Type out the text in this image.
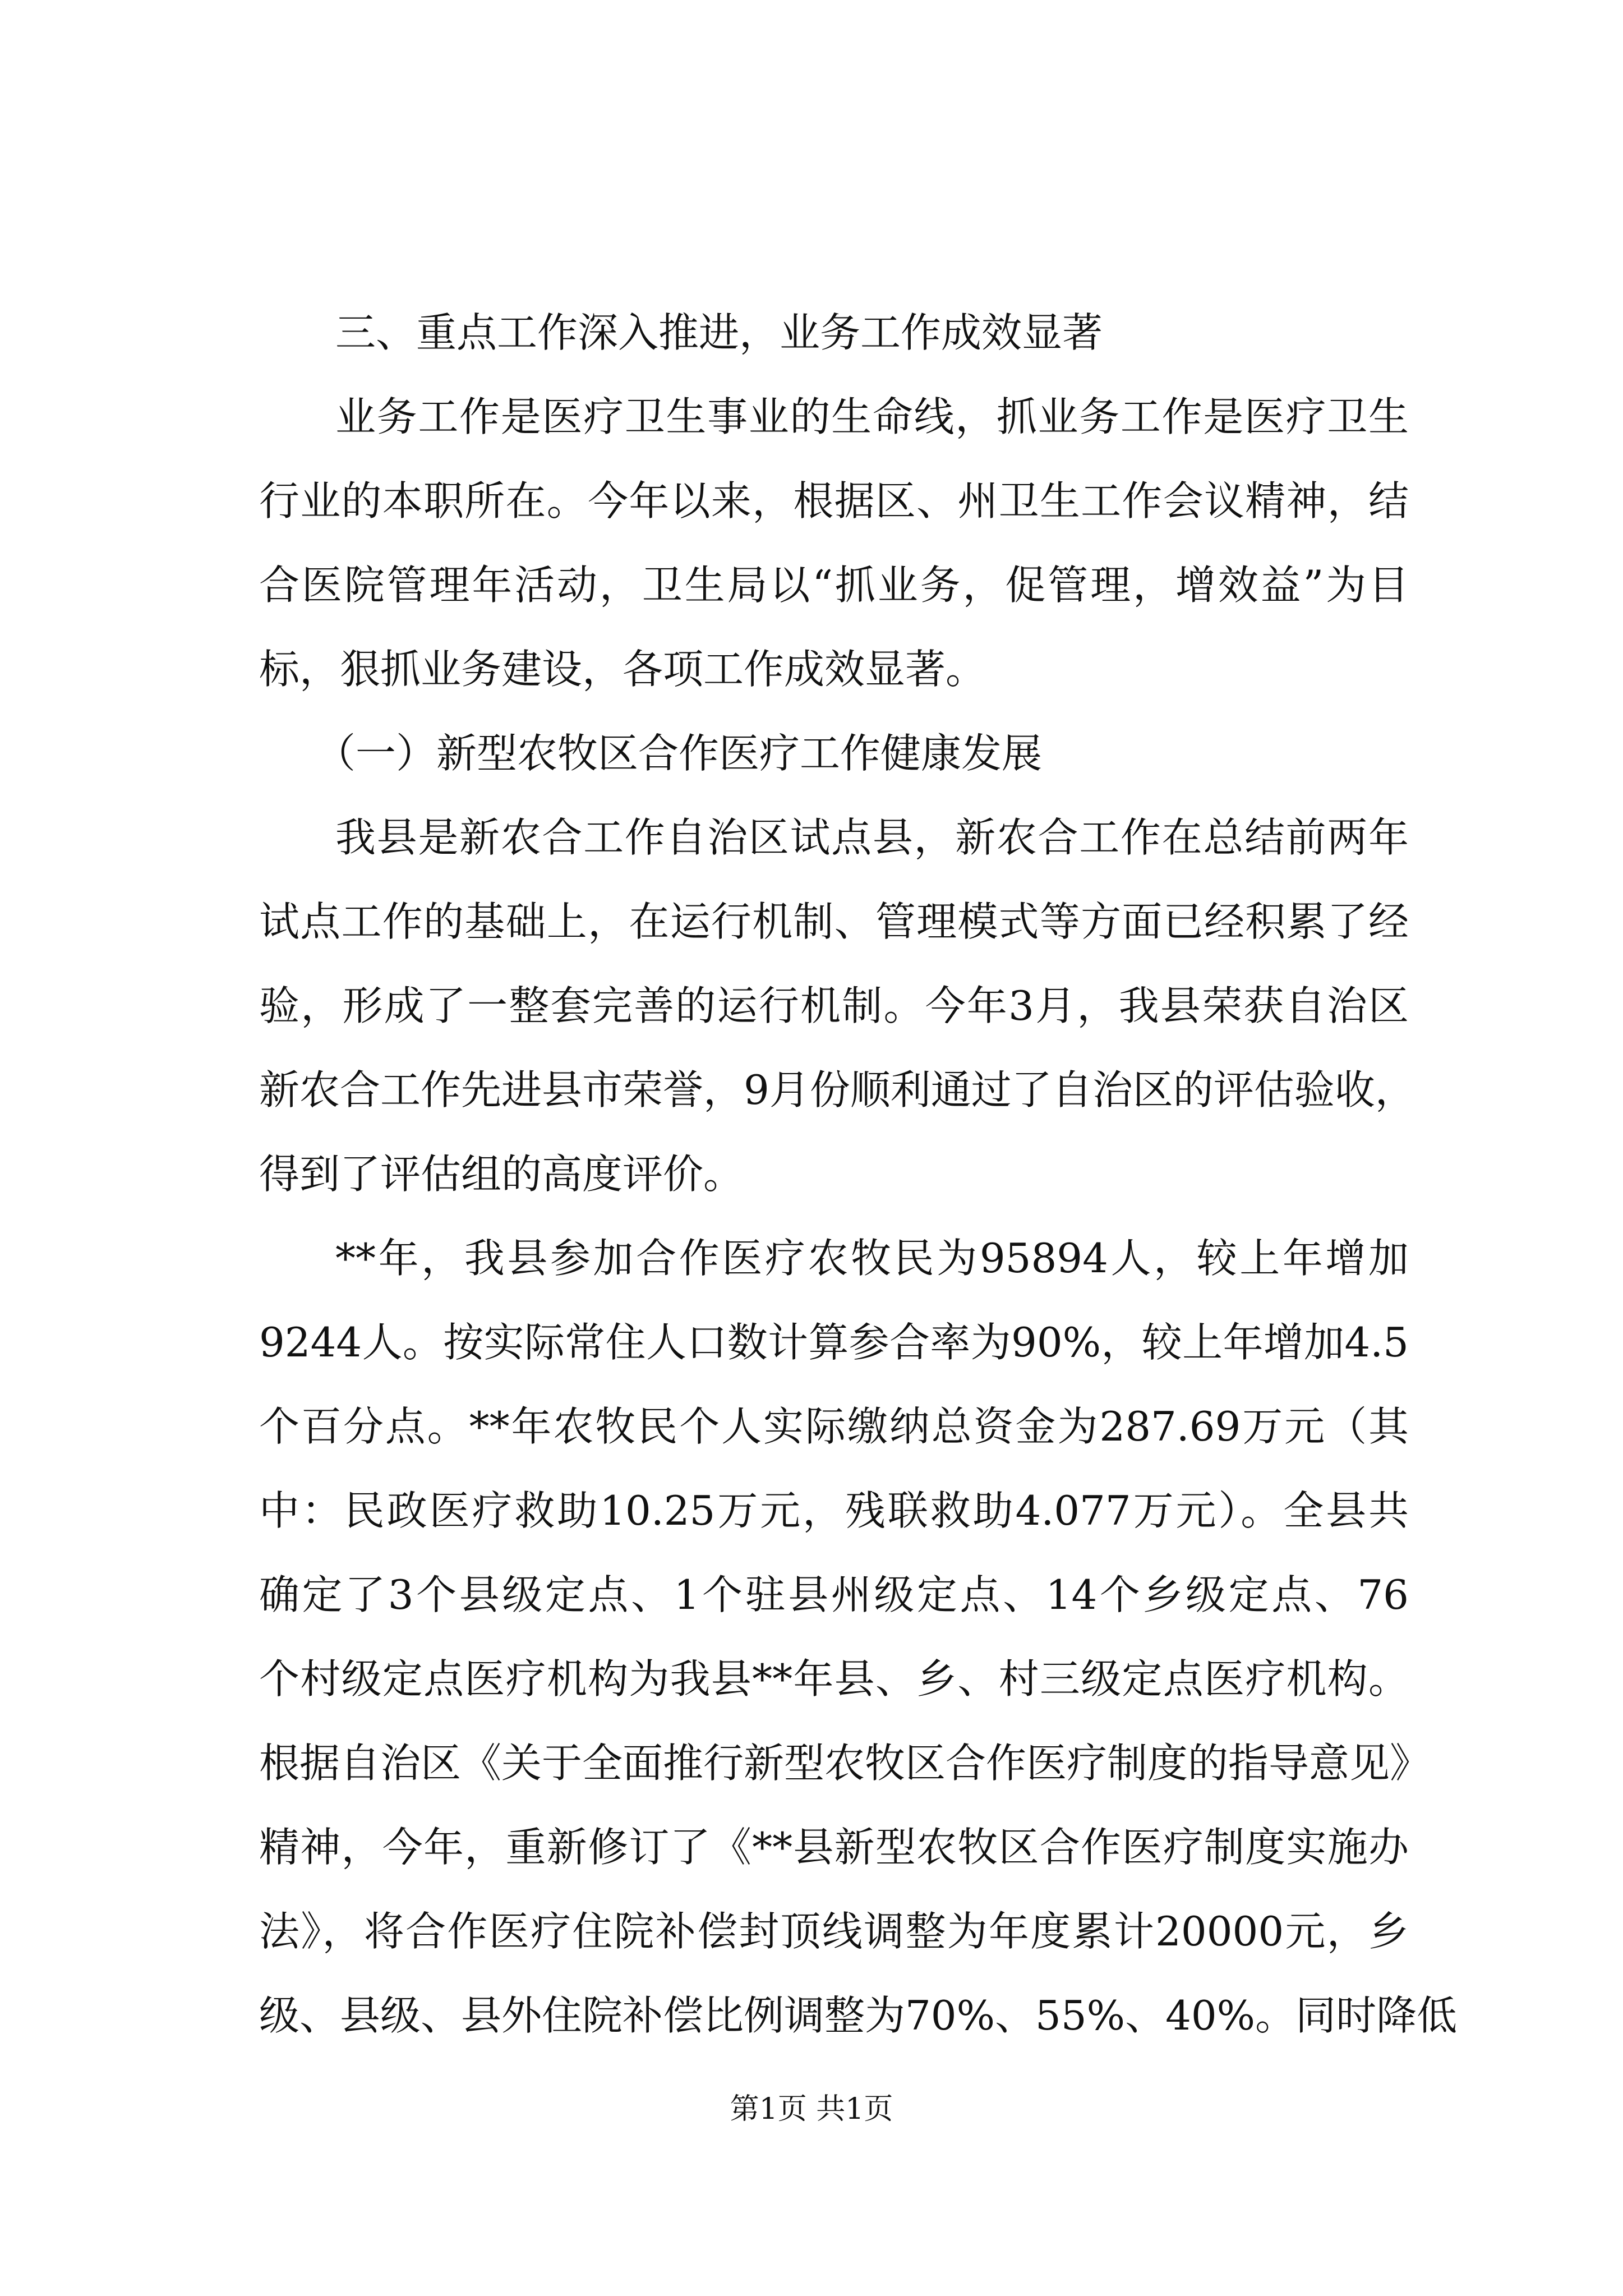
三、重点工作深入推进，业务工作成效显著

业务工作是医疗卫生事业的生命线，抓业务工作是医疗卫生
行业的本职所在。今年以来，根据区、州卫生工作会议精神，结
合医院管理年活动，卫生局以“抓业务，促管理，增效益”为目
标，狠抓业务建设，各项工作成效显著。

（一）新型农牧区合作医疗工作健康发展

我县是新农合工作自治区试点县，新农合工作在总结前两年
试点工作的基础上，在运行机制、管理模式等方面已经积累了经
验，形成了一整套完善的运行机制。今年3月，我县荣获自治区
新农合工作先进县市荣誉，9月份顺利通过了自治区的评估验收，
得到了评估组的高度评价。
**年，我县参加合作医疗农牧民为95894人，较上年增加
9244人。按实际常住人口数计算参合率为90%，较上年增加4.5
个百分点。**年农牧民个人实际缴纳总资金为287.69万元（其
中：民政医疗救助10.25万元，残联救助4.077万元）。全县共
确定了3个县级定点、1个驻县州级定点、14个乡级定点、76
个村级定点医疗机构为我县**年县、乡、村三级定点医疗机构。
根据自治区《关于全面推行新型农牧区合作医疗制度的指导意见》
精神，今年，重新修订了《**县新型农牧区合作医疗制度实施办
法》，将合作医疗住院补偿封顶线调整为年度累计20000元，乡
级、县级、县外住院补偿比例调整为70%、55%、40%。同时降低
第1页 共1页
